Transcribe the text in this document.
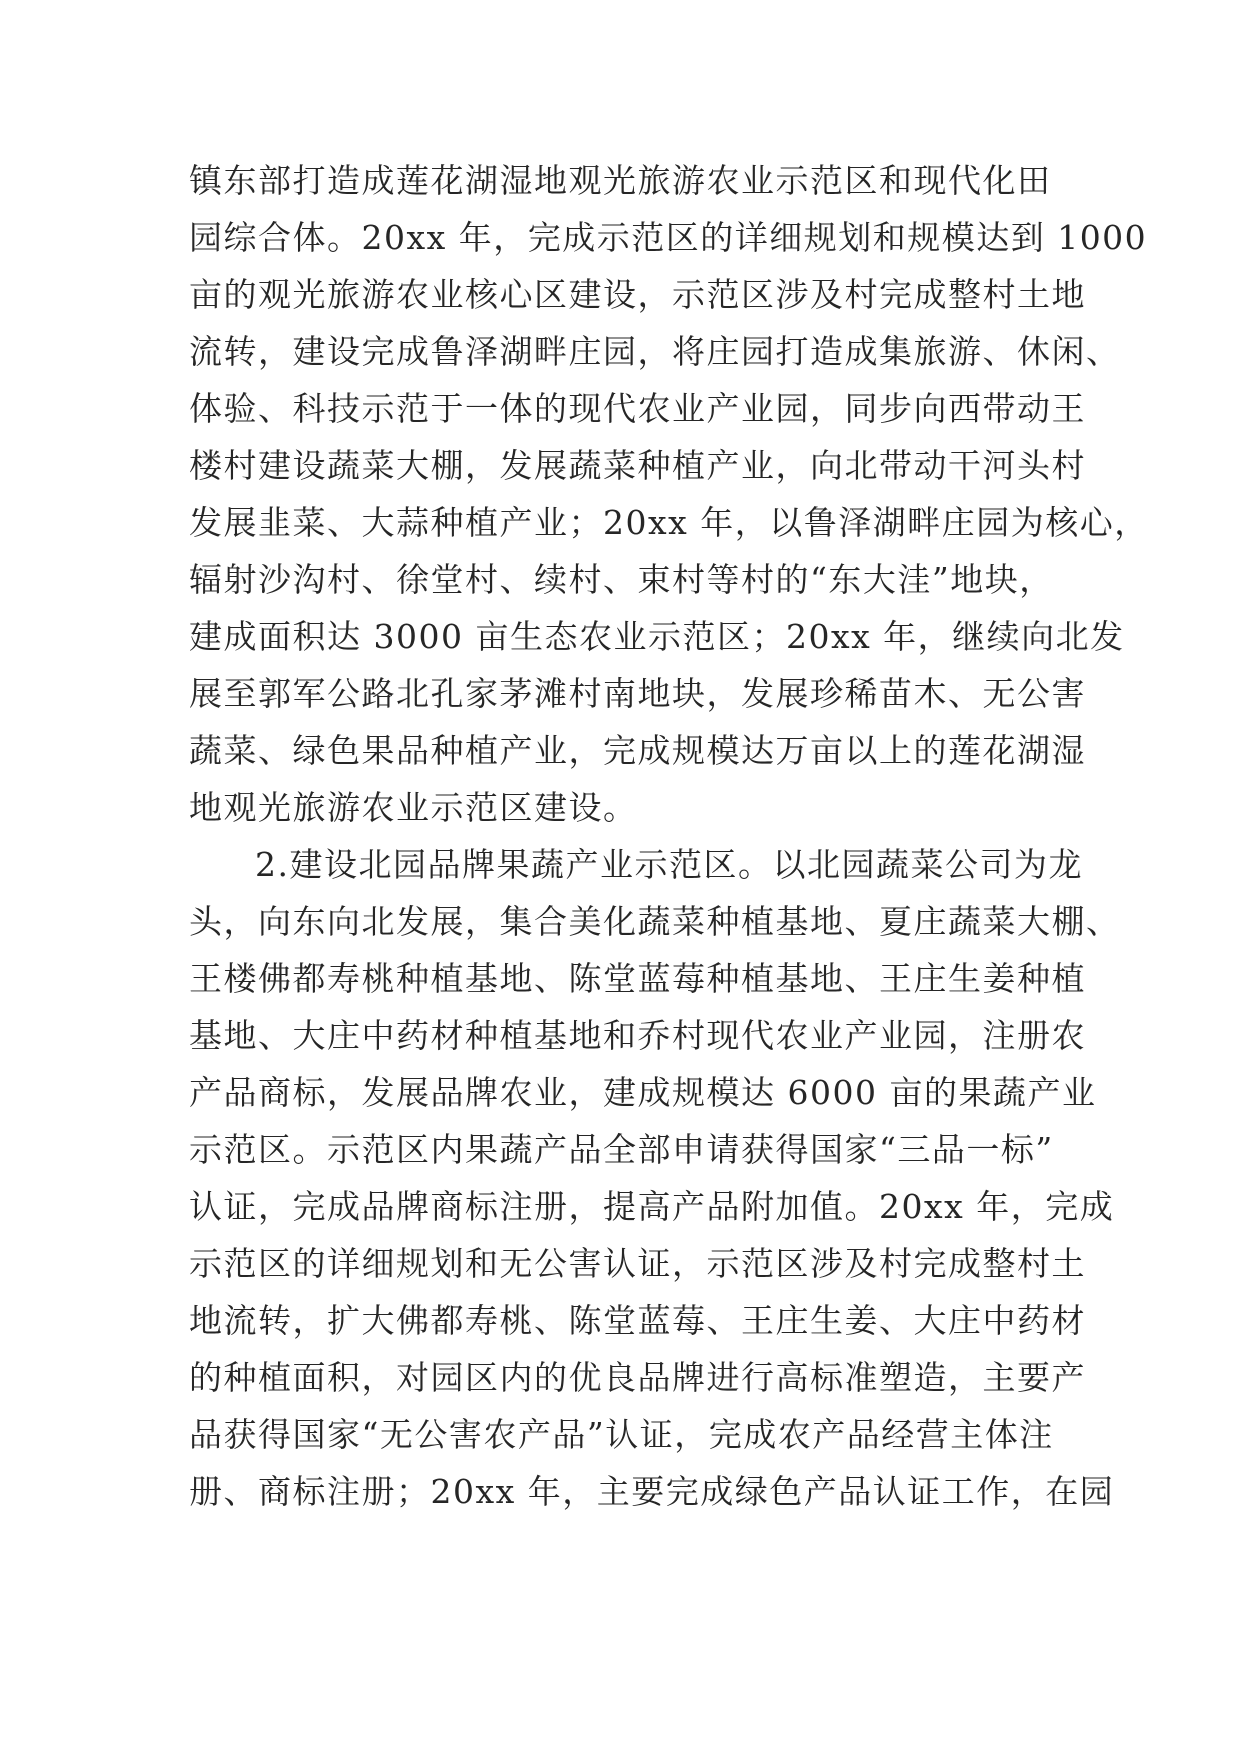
镇东部打造成莲花湖湿地观光旅游农业示范区和现代化田
园综合体。20xx 年，完成示范区的详细规划和规模达到 1000
亩的观光旅游农业核心区建设，示范区涉及村完成整村土地
流转，建设完成鲁泽湖畔庄园，将庄园打造成集旅游、休闲、
体验、科技示范于一体的现代农业产业园，同步向西带动王
楼村建设蔬菜大棚，发展蔬菜种植产业，向北带动干河头村
发展韭菜、大蒜种植产业；20xx 年，以鲁泽湖畔庄园为核心，
辐射沙沟村、徐堂村、续村、束村等村的“东大洼”地块，
建成面积达 3000 亩生态农业示范区；20xx 年，继续向北发
展至郭军公路北孔家茅滩村南地块，发展珍稀苗木、无公害
蔬菜、绿色果品种植产业，完成规模达万亩以上的莲花湖湿
地观光旅游农业示范区建设。
2.建设北园品牌果蔬产业示范区。以北园蔬菜公司为龙
头，向东向北发展，集合美化蔬菜种植基地、夏庄蔬菜大棚、
王楼佛都寿桃种植基地、陈堂蓝莓种植基地、王庄生姜种植
基地、大庄中药材种植基地和乔村现代农业产业园，注册农
产品商标，发展品牌农业，建成规模达 6000 亩的果蔬产业
示范区。示范区内果蔬产品全部申请获得国家“三品一标”
认证，完成品牌商标注册，提高产品附加值。20xx 年，完成
示范区的详细规划和无公害认证，示范区涉及村完成整村土
地流转，扩大佛都寿桃、陈堂蓝莓、王庄生姜、大庄中药材
的种植面积，对园区内的优良品牌进行高标准塑造，主要产
品获得国家“无公害农产品”认证，完成农产品经营主体注
册、商标注册；20xx 年，主要完成绿色产品认证工作，在园
